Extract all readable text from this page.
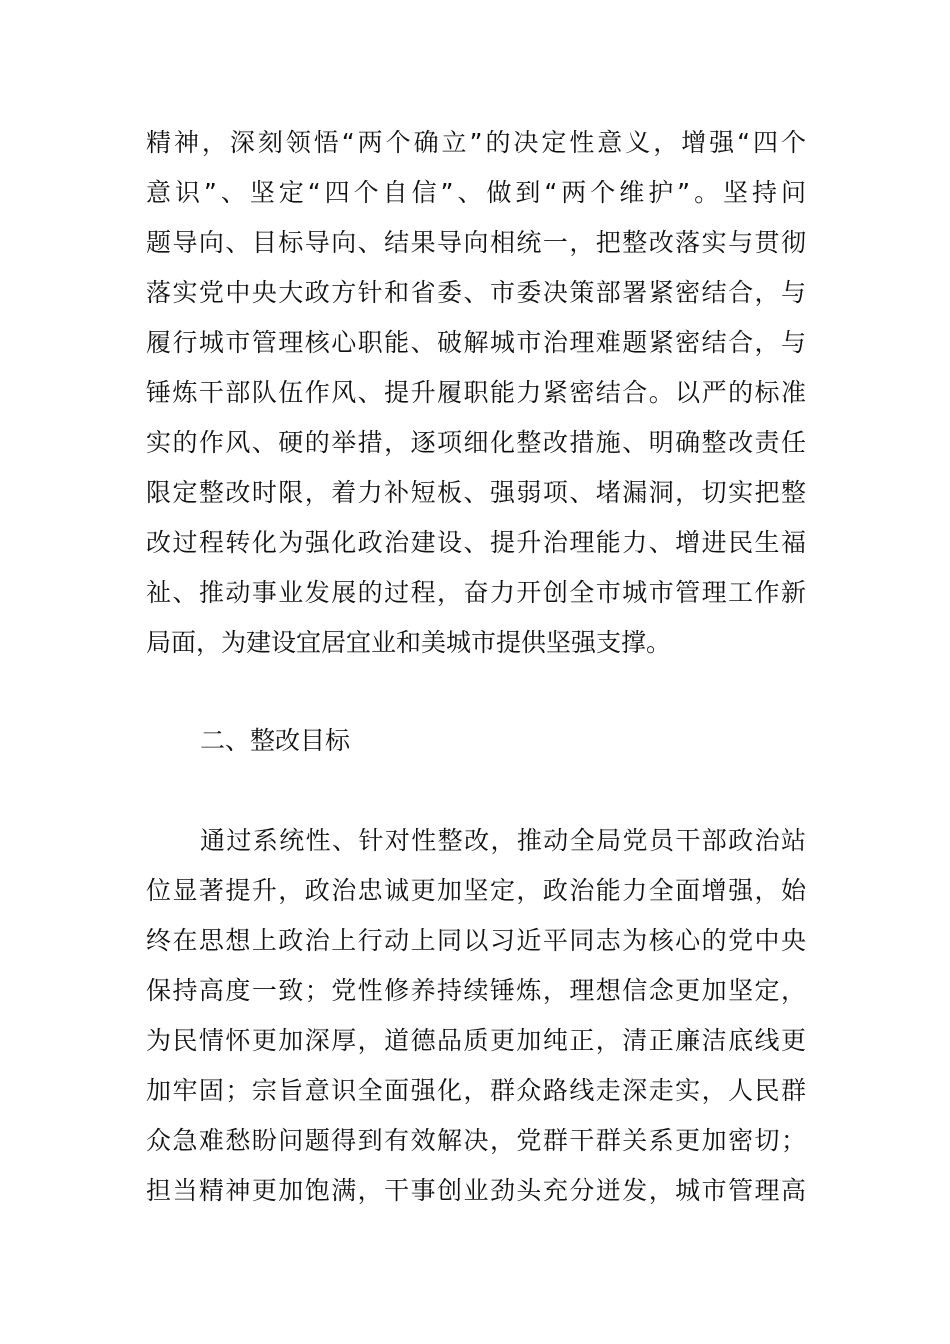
精神，深刻领悟“两个确立”的决定性意义，增强“四个
意识”、坚定“四个自信”、做到“两个维护”。坚持问
题导向、目标导向、结果导向相统一，把整改落实与贯彻
落实党中央大政方针和省委、市委决策部署紧密结合，与
履行城市管理核心职能、破解城市治理难题紧密结合，与
锤炼干部队伍作风、提升履职能力紧密结合。以严的标准
实的作风、硬的举措，逐项细化整改措施、明确整改责任
限定整改时限，着力补短板、强弱项、堵漏洞，切实把整
改过程转化为强化政治建设、提升治理能力、增进民生福
祉、推动事业发展的过程，奋力开创全市城市管理工作新
局面，为建设宜居宜业和美城市提供坚强支撑。
二、整改目标
通过系统性、针对性整改，推动全局党员干部政治站
位显著提升，政治忠诚更加坚定，政治能力全面增强，始
终在思想上政治上行动上同以习近平同志为核心的党中央
保持高度一致；党性修养持续锤炼，理想信念更加坚定，
为民情怀更加深厚，道德品质更加纯正，清正廉洁底线更
加牢固；宗旨意识全面强化，群众路线走深走实，人民群
众急难愁盼问题得到有效解决，党群干群关系更加密切；
担当精神更加饱满，干事创业劲头充分迸发，城市管理高
